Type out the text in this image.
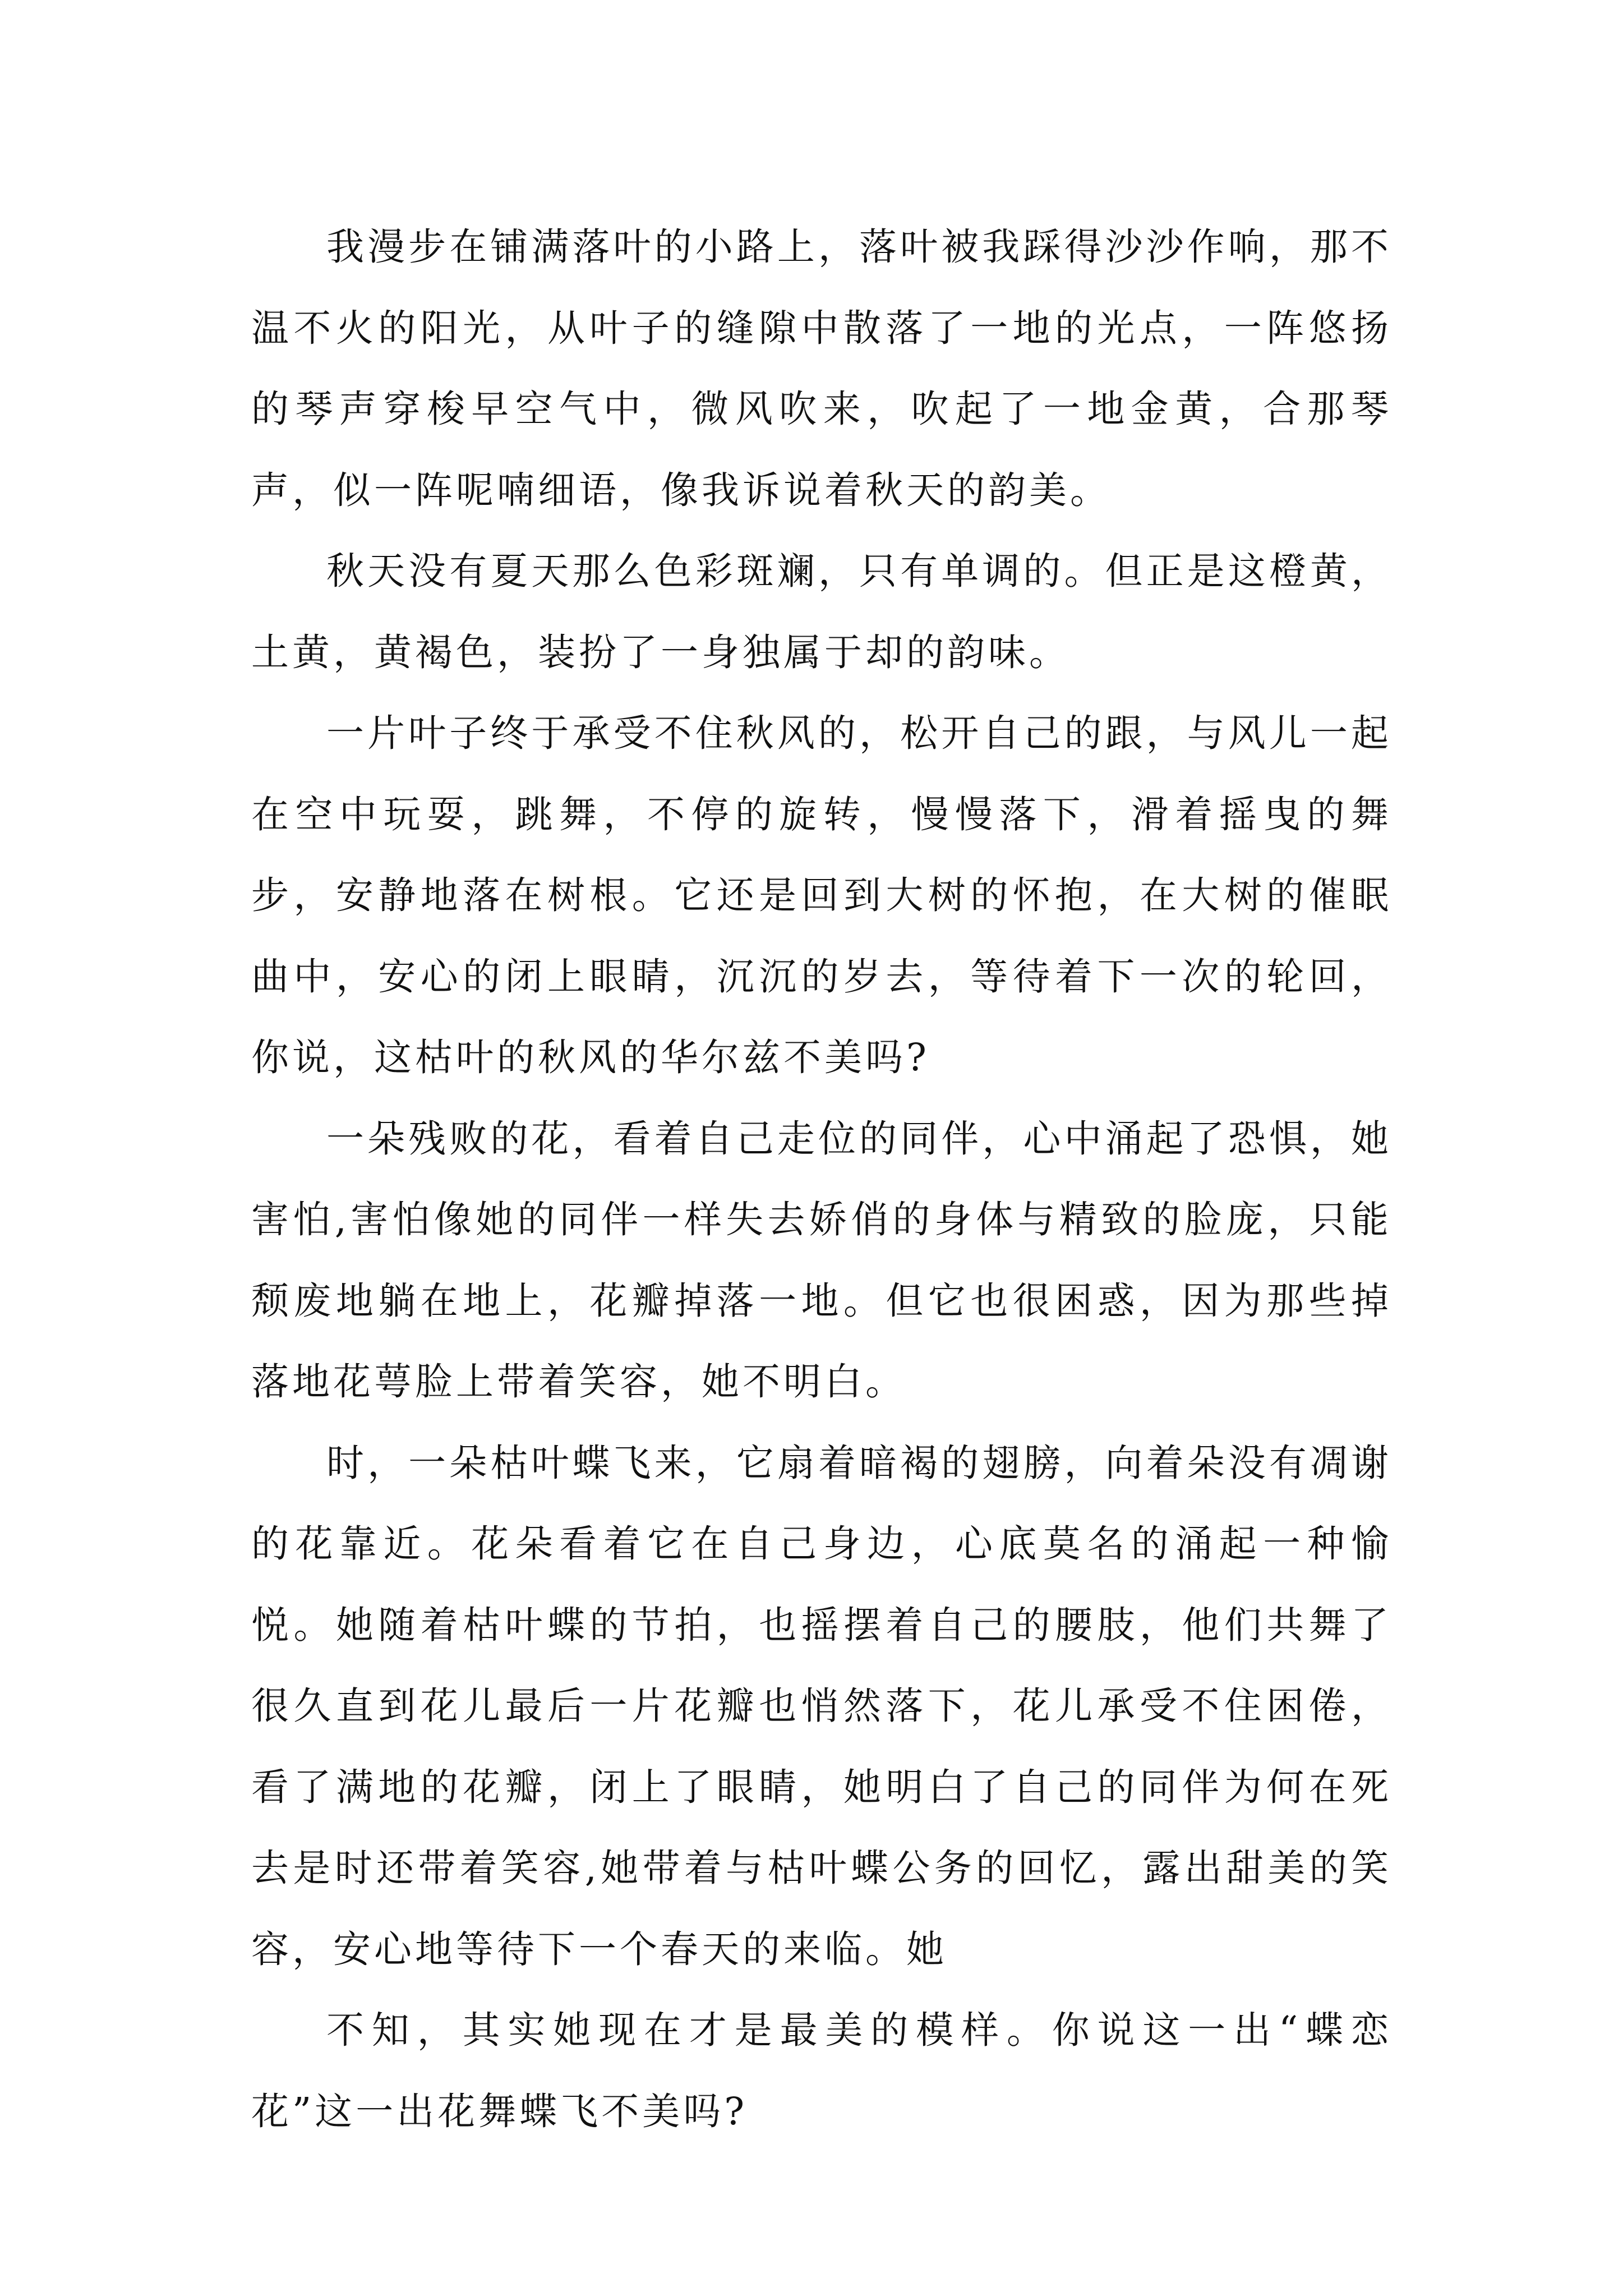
我漫步在铺满落叶的小路上，落叶被我踩得沙沙作响，那不温不火的阳光，从叶子的缝隙中散落了一地的光点，一阵悠扬的琴声穿梭早空气中，微风吹来，吹起了一地金黄，合那琴声，似一阵呢喃细语，像我诉说着秋天的韵美。

秋天没有夏天那么色彩斑斓，只有单调的。但正是这橙黄，土黄，黄褐色，装扮了一身独属于却的韵味。

一片叶子终于承受不住秋风的，松开自己的跟，与风儿一起在空中玩耍，跳舞，不停的旋转，慢慢落下，滑着摇曳的舞步，安静地落在树根。它还是回到大树的怀抱，在大树的催眠曲中，安心的闭上眼睛，沉沉的岁去，等待着下一次的轮回，你说，这枯叶的秋风的华尔兹不美吗?

一朵残败的花，看着自己走位的同伴，心中涌起了恐惧，她害怕,害怕像她的同伴一样失去娇俏的身体与精致的脸庞，只能颓废地躺在地上，花瓣掉落一地。但它也很困惑，因为那些掉落地花萼脸上带着笑容，她不明白。

时，一朵枯叶蝶飞来，它扇着暗褐的翅膀，向着朵没有凋谢的花靠近。花朵看着它在自己身边，心底莫名的涌起一种愉悦。她随着枯叶蝶的节拍，也摇摆着自己的腰肢，他们共舞了很久直到花儿最后一片花瓣也悄然落下，花儿承受不住困倦，看了满地的花瓣，闭上了眼睛，她明白了自己的同伴为何在死去是时还带着笑容,她带着与枯叶蝶公务的回忆，露出甜美的笑容，安心地等待下一个春天的来临。她

不知，其实她现在才是最美的模样。你说这一出“蝶恋花”这一出花舞蝶飞不美吗?
